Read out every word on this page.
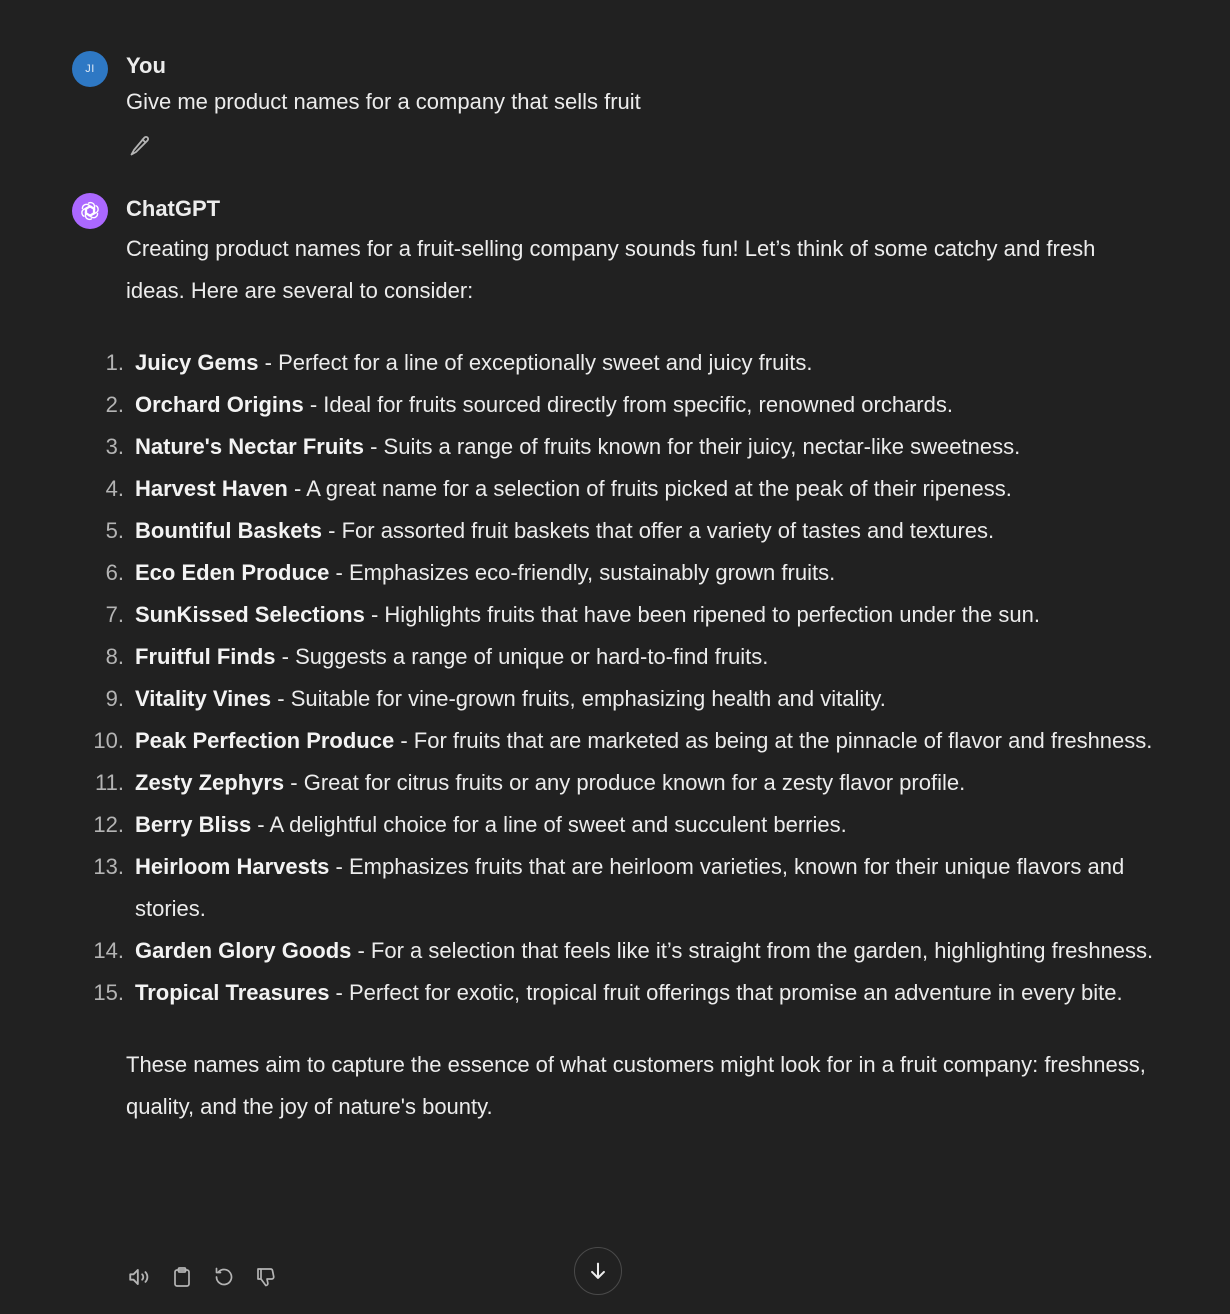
JI You
Give me product names for a company that sells fruit
ChatGPT

Creating product names for a fruit-selling company sounds fun! Let’s think of some catchy and fresh ideas. Here are several to consider:

1. Juicy Gems - Perfect for a line of exceptionally sweet and juicy fruits.
2. Orchard Origins - Ideal for fruits sourced directly from specific, renowned orchards.
3. Nature's Nectar Fruits - Suits a range of fruits known for their juicy, nectar-like sweetness.
4. Harvest Haven - A great name for a selection of fruits picked at the peak of their ripeness.
5. Bountiful Baskets - For assorted fruit baskets that offer a variety of tastes and textures.
6. Eco Eden Produce - Emphasizes eco-friendly, sustainably grown fruits.
7. SunKissed Selections - Highlights fruits that have been ripened to perfection under the sun.
8. Fruitful Finds - Suggests a range of unique or hard-to-find fruits.
9. Vitality Vines - Suitable for vine-grown fruits, emphasizing health and vitality.
10. Peak Perfection Produce - For fruits that are marketed as being at the pinnacle of flavor and freshness.
11. Zesty Zephyrs - Great for citrus fruits or any produce known for a zesty flavor profile.
12. Berry Bliss - A delightful choice for a line of sweet and succulent berries.
13. Heirloom Harvests - Emphasizes fruits that are heirloom varieties, known for their unique flavors and stories.
14. Garden Glory Goods - For a selection that feels like it’s straight from the garden, highlighting freshness.
15. Tropical Treasures - Perfect for exotic, tropical fruit offerings that promise an adventure in every bite.

These names aim to capture the essence of what customers might look for in a fruit company: freshness, quality, and the joy of nature's bounty.
